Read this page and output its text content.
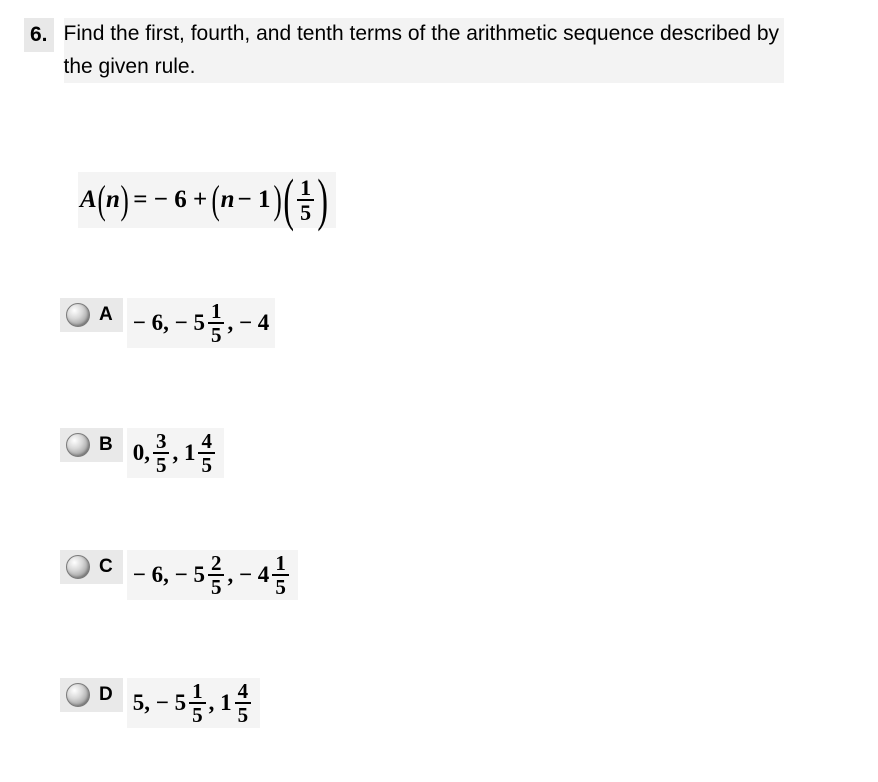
6. Find the first, fourth, and tenth terms of the arithmetic sequence described by the given rule.
A ( n ) = − 6 + ( n − 1 ) ( $\frac{1}{5}$ )
A − 6, − $5 \frac{1}{5}$ , − 4
B 0, $\frac{3}{5}$ , $1 \frac{4}{5}$
C − 6, − $5 \frac{2}{5}$ , − $4 \frac{1}{5}$
D 5, − $5 \frac{1}{5}$ , $1 \frac{4}{5}$
